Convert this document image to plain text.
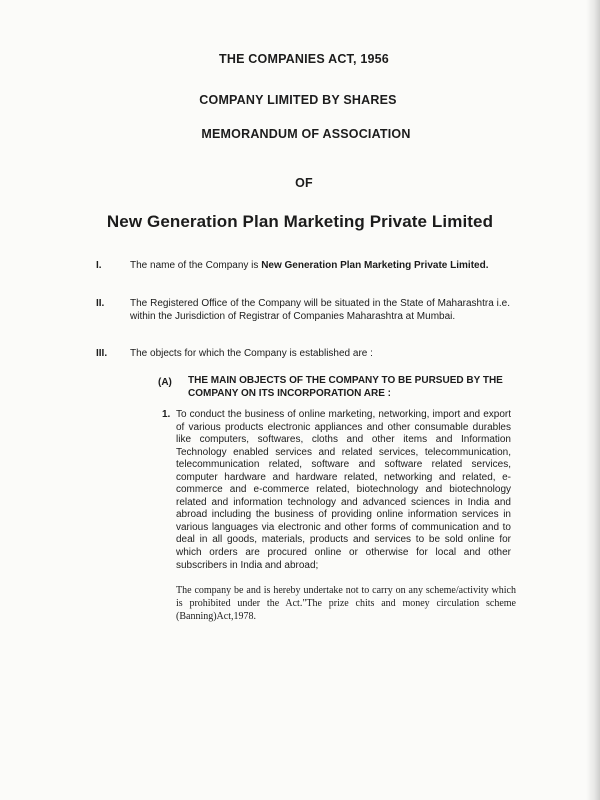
THE COMPANIES ACT, 1956
COMPANY LIMITED BY SHARES
MEMORANDUM OF ASSOCIATION
OF
New Generation Plan Marketing Private Limited
I.	The name of the Company is New Generation Plan Marketing Private Limited.
II.	The Registered Office of the Company will be situated in the State of Maharashtra i.e. within the Jurisdiction of Registrar of Companies Maharashtra at Mumbai.
III. The objects for which the Company is established are :
(A) THE MAIN OBJECTS OF THE COMPANY TO BE PURSUED BY THE COMPANY ON ITS INCORPORATION ARE :
1. To conduct the business of online marketing, networking, import and export of various products electronic appliances and other consumable durables like computers, softwares, cloths and other items and Information Technology enabled services and related services, telecommunication, telecommunication related, software and software related services, computer hardware and hardware related, networking and related, e-commerce and e-commerce related, biotechnology and biotechnology related and information technology and advanced sciences in India and abroad including the business of providing online information services in various languages via electronic and other forms of communication and to deal in all goods, materials, products and services to be sold online for which orders are procured online or otherwise for local and other subscribers in India and abroad;
The company be and is hereby undertake not to carry on any scheme/activity which is prohibited under the Act."The prize chits and money circulation scheme (Banning)Act,1978.
